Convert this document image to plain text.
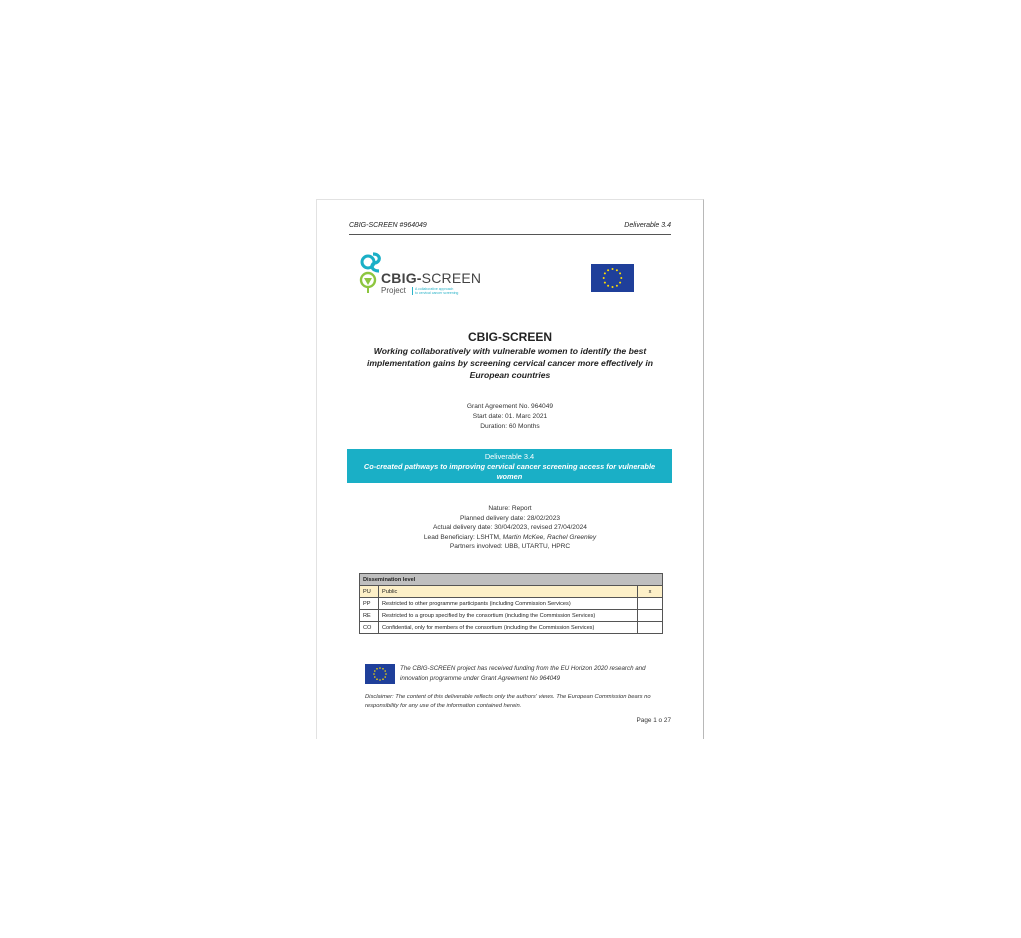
CBIG-SCREEN #964049	Deliverable 3.4
CBIG-SCREEN
Project	A collaborative approach
to cervical cancer screening
CBIG-SCREEN
Working collaboratively with vulnerable women to identify the best implementation gains by screening cervical cancer more effectively in European countries
Grant Agreement No. 964049
Start date: 01. Marc 2021
Duration: 60 Months
Deliverable 3.4
Co-created pathways to improving cervical cancer screening access for vulnerable women
Nature: Report
Planned delivery date: 28/02/2023
Actual delivery date: 30/04/2023, revised 27/04/2024
Lead Beneficiary: LSHTM, Martin McKee, Rachel Greenley
Partners involved: UBB, UTARTU, HPRC
Dissemination level		
PU	Public	x
PP	Restricted to other programme participants (including Commission Services)	
RE	Restricted to a group specified by the consortium (including the Commission Services)	
CO	Confidential, only for members of the consortium (including the Commission Services)	
The CBIG-SCREEN project has received funding from the EU Horizon 2020 research and innovation programme under Grant Agreement No 964049
Disclaimer: The content of this deliverable reflects only the authors' views. The European Commission bears no responsibility for any use of the information contained herein.
Page 1 o 27
